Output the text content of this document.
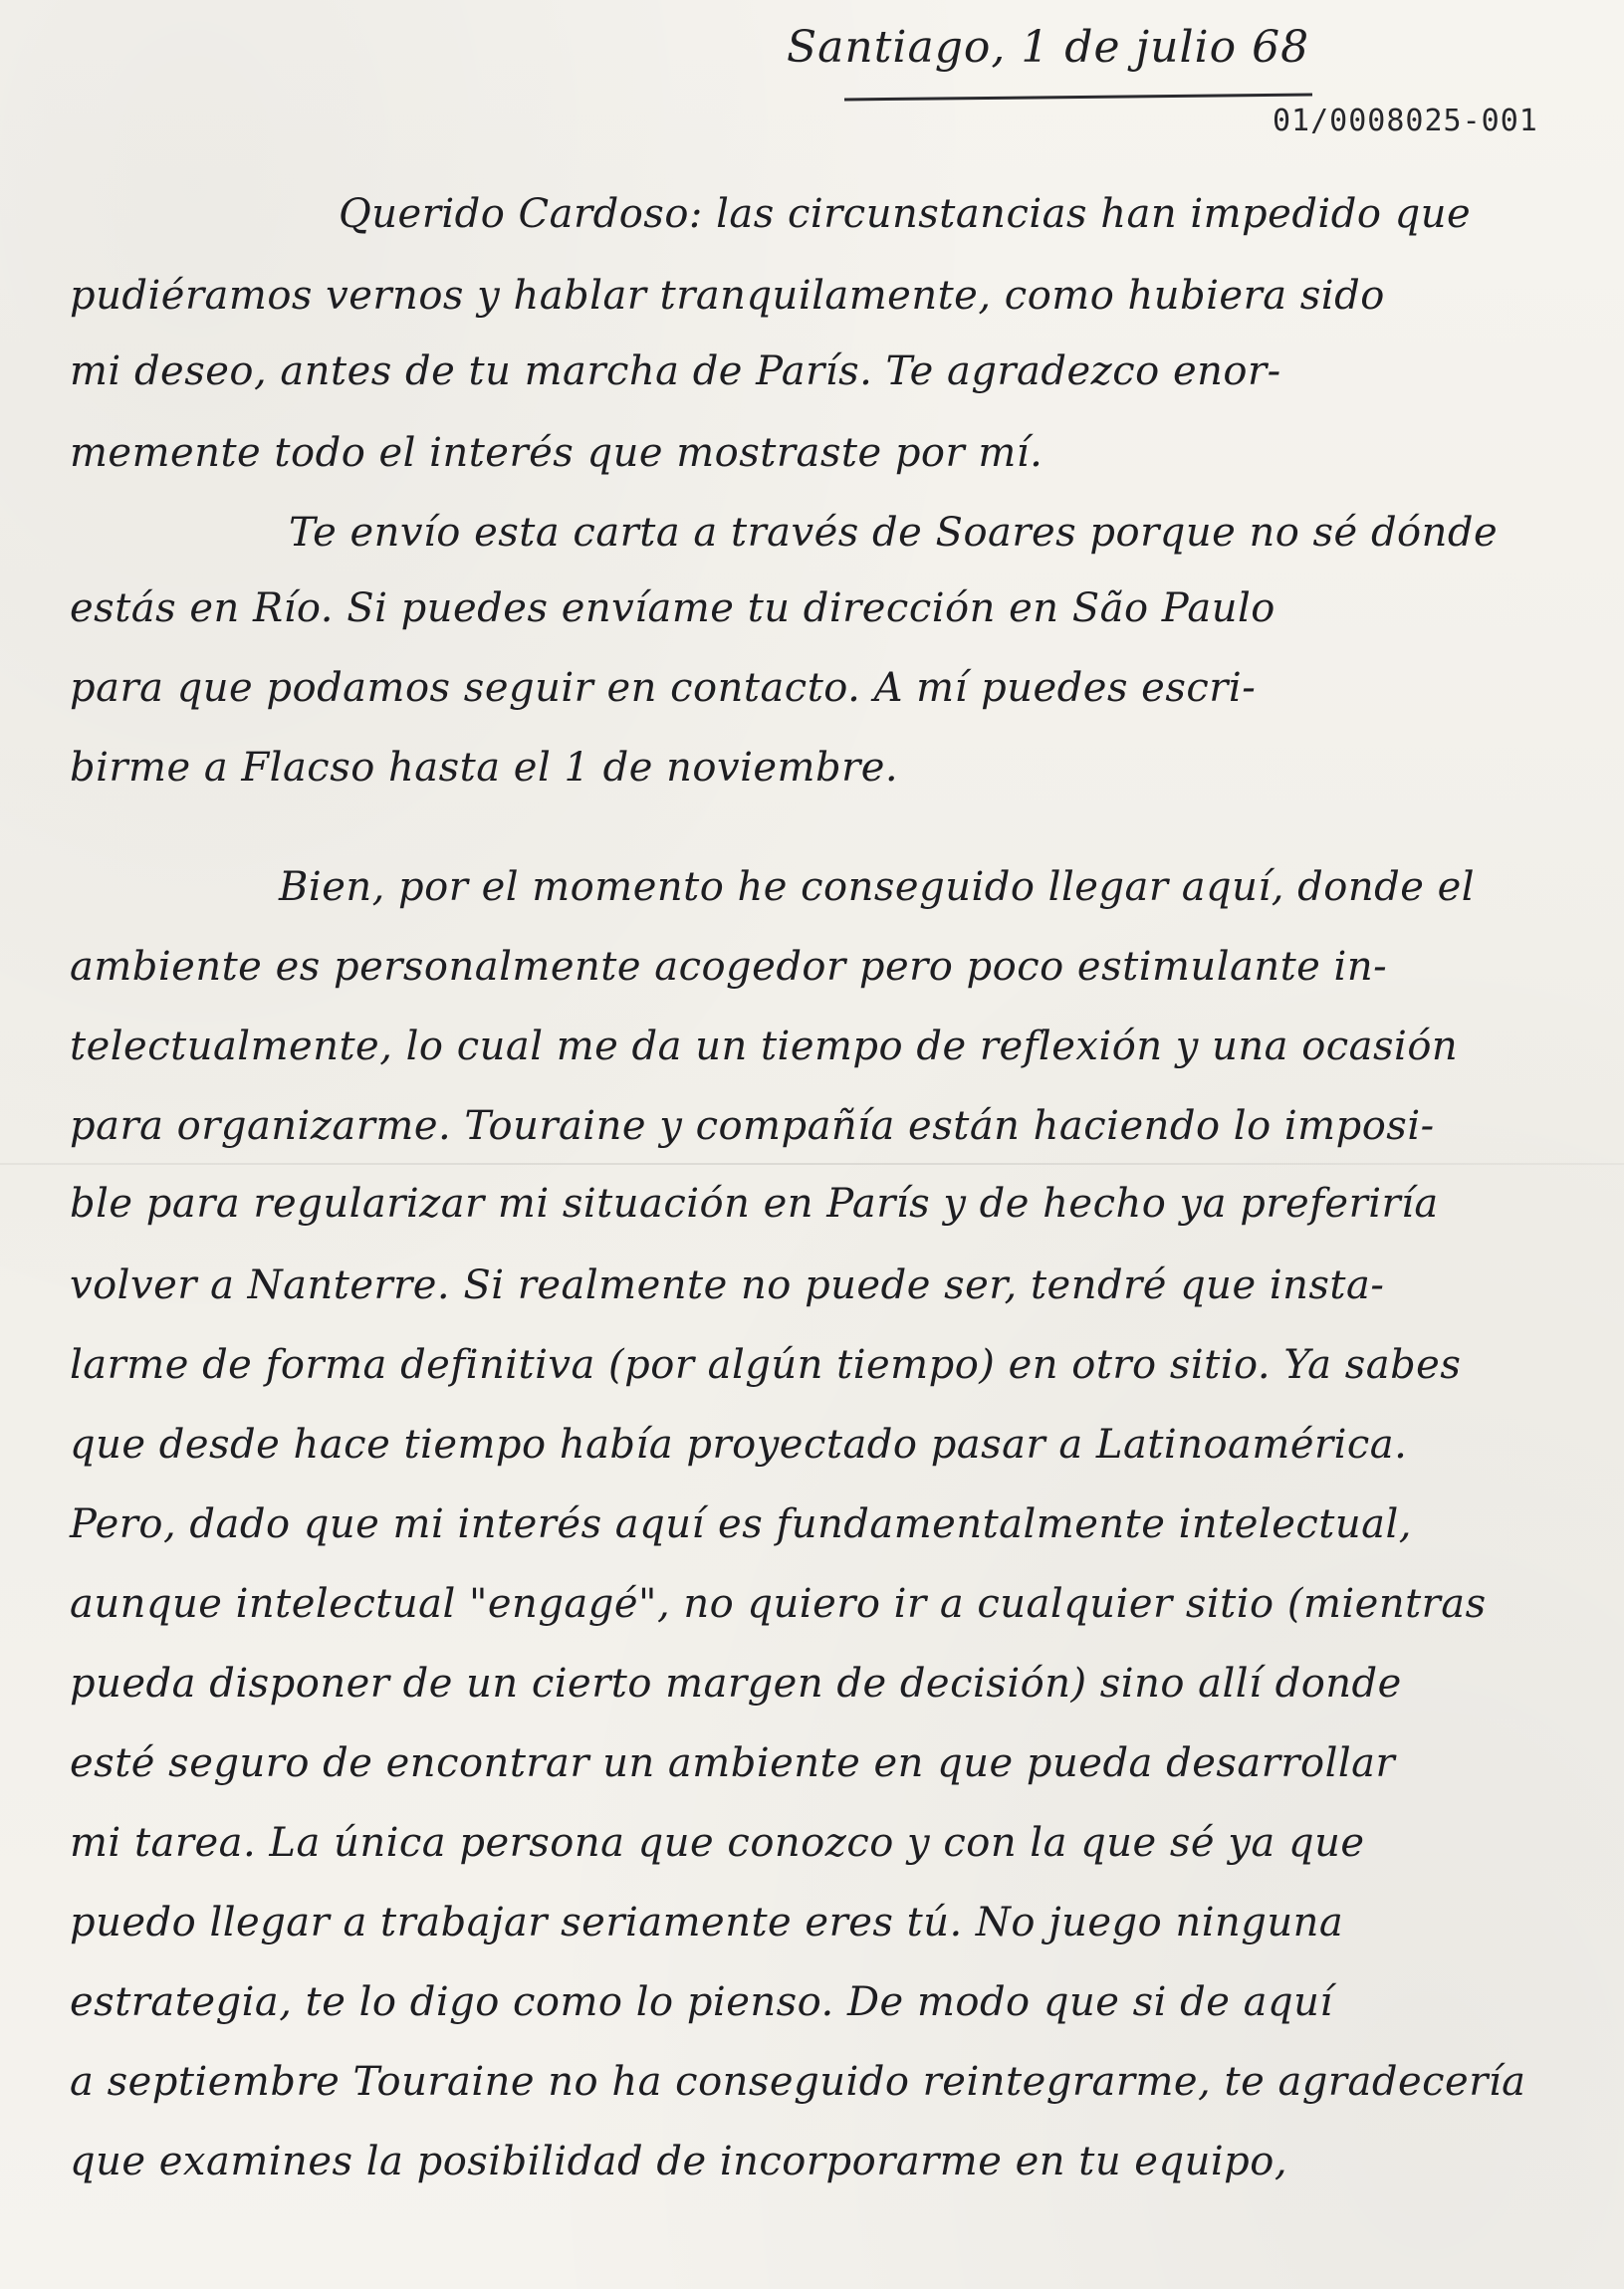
Santiago, 1 de julio 68
01/0008025-001
Querido Cardoso: las circunstancias han impedido que
pudiéramos vernos y hablar tranquilamente, como hubiera sido
mi deseo, antes de tu marcha de París. Te agradezco enor-
memente todo el interés que mostraste por mí.
Te envío esta carta a través de Soares porque no sé dónde
estás en Río. Si puedes envíame tu dirección en São Paulo
para que podamos seguir en contacto. A mí puedes escri-
birme a Flacso hasta el 1 de noviembre.
Bien, por el momento he conseguido llegar aquí, donde el
ambiente es personalmente acogedor pero poco estimulante in-
telectualmente, lo cual me da un tiempo de reflexión y una ocasión
para organizarme. Touraine y compañía están haciendo lo imposi-
ble para regularizar mi situación en París y de hecho ya preferiría
volver a Nanterre. Si realmente no puede ser, tendré que insta-
larme de forma definitiva (por algún tiempo) en otro sitio. Ya sabes
que desde hace tiempo había proyectado pasar a Latinoamérica.
Pero, dado que mi interés aquí es fundamentalmente intelectual,
aunque intelectual "engagé", no quiero ir a cualquier sitio (mientras
pueda disponer de un cierto margen de decisión) sino allí donde
esté seguro de encontrar un ambiente en que pueda desarrollar
mi tarea. La única persona que conozco y con la que sé ya que
puedo llegar a trabajar seriamente eres tú. No juego ninguna
estrategia, te lo digo como lo pienso. De modo que si de aquí
a septiembre Touraine no ha conseguido reintegrarme, te agradecería
que examines la posibilidad de incorporarme en tu equipo,
